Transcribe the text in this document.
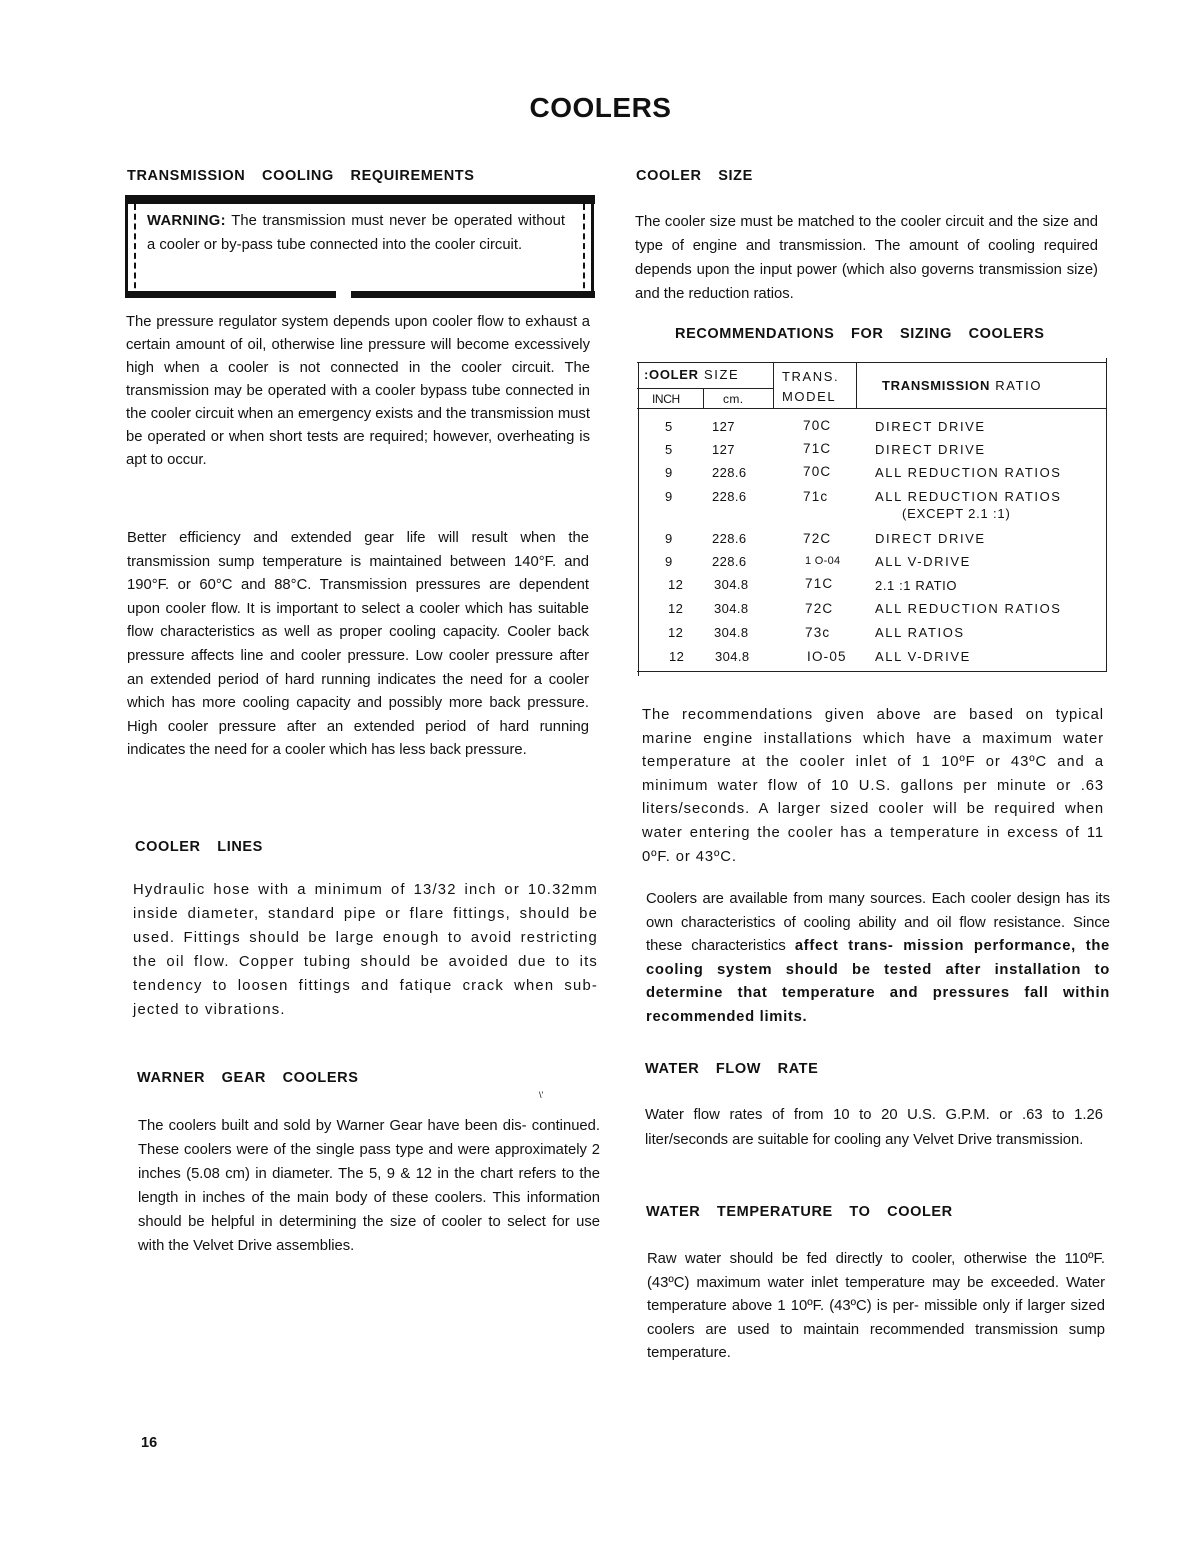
COOLERS
TRANSMISSION COOLING REQUIREMENTS
WARNING: The transmission must never be operated without a cooler or by-pass tube connected into the cooler circuit.
The pressure regulator system depends upon cooler flow to exhaust a certain amount of oil, otherwise line pressure will become excessively high when a cooler is not connected in the cooler circuit. The transmission may be operated with a cooler bypass tube connected in the cooler circuit when an emergency exists and the transmission must be operated or when short tests are required; however, overheating is apt to occur.
Better efficiency and extended gear life will result when the transmission sump temperature is maintained between 140°F. and 190°F. or 60°C and 88°C. Transmission pressures are dependent upon cooler flow. It is important to select a cooler which has suitable flow characteristics as well as proper cooling capacity. Cooler back pressure affects line and cooler pressure. Low cooler pressure after an extended period of hard running indicates the need for a cooler which has more cooling capacity and possibly more back pressure. High cooler pressure after an extended period of hard running indicates the need for a cooler which has less back pressure.
COOLER LINES
Hydraulic hose with a minimum of 13/32 inch or 10.32mm inside diameter, standard pipe or flare fittings, should be used. Fittings should be large enough to avoid restricting the oil flow. Copper tubing should be avoided due to its tendency to loosen fittings and fatique crack when sub- jected to vibrations.
WARNER GEAR COOLERS
\'
The coolers built and sold by Warner Gear have been dis- continued. These coolers were of the single pass type and were approximately 2 inches (5.08 cm) in diameter. The 5, 9 & 12 in the chart refers to the length in inches of the main body of these coolers. This information should be helpful in determining the size of cooler to select for use with the Velvet Drive assemblies.
16
COOLER SIZE
The cooler size must be matched to the cooler circuit and the size and type of engine and transmission. The amount of cooling required depends upon the input power (which also governs transmission size) and the reduction ratios.
RECOMMENDATIONS FOR SIZING COOLERS
:OOLER SIZE
INCH	cm.
TRANS.
MODEL
TRANSMISSION RATIO
5	127	70C	DIRECT DRIVE
5	127	71C	DIRECT DRIVE
9	228.6	70C	ALL REDUCTION RATIOS
9	228.6	71c	ALL REDUCTION RATIOS
(EXCEPT 2.1 :1)
9	228.6	72C	DIRECT DRIVE
9	228.6	1 O-04	ALL V-DRIVE
12 304.8	71C	2.1 :1 RATIO
12 304.8	72C	ALL REDUCTION RATIOS
12 304.8	73c	ALL RATIOS
12 304.8	IO-05 ALL V-DRIVE
The recommendations given above are based on typical marine engine installations which have a maximum water temperature at the cooler inlet of 1 10ºF or 43ºC and a minimum water flow of 10 U.S. gallons per minute or .63 liters/seconds. A larger sized cooler will be required when water entering the cooler has a temperature in excess of 11 0ºF. or 43ºC.
Coolers are available from many sources. Each cooler design has its own characteristics of cooling ability and oil flow resistance. Since these characteristics affect trans- mission performance, the cooling system should be tested after installation to determine that temperature and pressures fall within recommended limits.
WATER FLOW RATE
Water flow rates of from 10 to 20 U.S. G.P.M. or .63 to 1.26 liter/seconds are suitable for cooling any Velvet Drive transmission.
WATER TEMPERATURE TO COOLER
Raw water should be fed directly to cooler, otherwise the 110ºF. (43ºC) maximum water inlet temperature may be exceeded. Water temperature above 1 10ºF. (43ºC) is per- missible only if larger sized coolers are used to maintain recommended transmission sump temperature.
